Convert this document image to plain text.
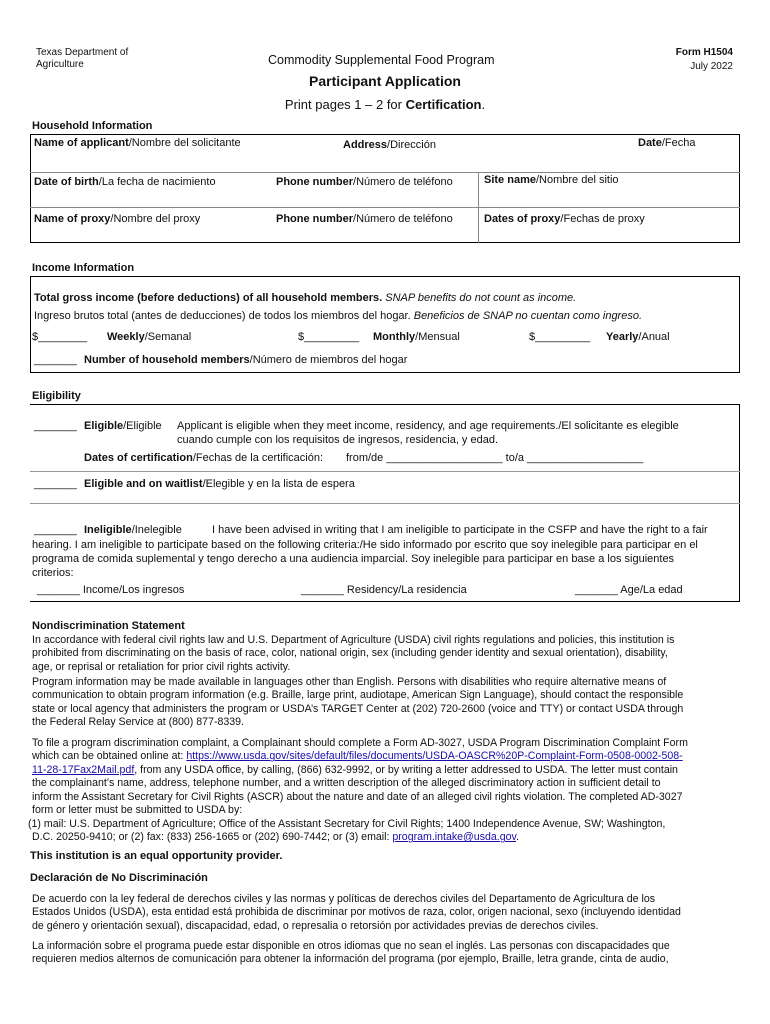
Texas Department of
Agriculture	Commodity Supplemental Food Program
Form H1504
July 2022
Participant Application
Print pages 1 – 2 for Certification.
Household Information
Name of applicant/Nombre del solicitante	Address/Dirección	Date/Fecha
Date of birth/La fecha de nacimiento	Phone number/Número de teléfono	Site name/Nombre del sitio
Name of proxy/Nombre del proxy	Phone number/Número de teléfono	Dates of proxy/Fechas de proxy
Income Information
Total gross income (before deductions) of all household members. SNAP benefits do not count as income.
Ingreso brutos total (antes de deducciones) de todos los miembros del hogar. Beneficios de SNAP no cuentan como ingreso.
$________ Weekly/Semanal	$_________ Monthly/Mensual	$_________ Yearly/Anual
_______ Number of household members/Número de miembros del hogar
Eligibility
_______ Eligible/Eligible Applicant is eligible when they meet income, residency, and age requirements./El solicitante es elegible
cuando cumple con los requisitos de ingresos, residencia, y edad.
Dates of certification/Fechas de la certificación: from/de ___________________ to/a ___________________
_______ Eligible and on waitlist/Elegible y en la lista de espera
_______ Ineligible/Inelegible	I have been advised in writing that I am ineligible to participate in the CSFP and have the right to a fair
hearing. I am ineligible to participate based on the following criteria:/He sido informado por escrito que soy inelegible para participar en el
programa de comida suplemental y tengo derecho a una audiencia imparcial. Soy inelegible para participar en base a los siguientes
criterios:
_______ Income/Los ingresos	_______ Residency/La residencia	_______ Age/La edad
Nondiscrimination Statement
In accordance with federal civil rights law and U.S. Department of Agriculture (USDA) civil rights regulations and policies, this institution is
prohibited from discriminating on the basis of race, color, national origin, sex (including gender identity and sexual orientation), disability,
age, or reprisal or retaliation for prior civil rights activity.
Program information may be made available in languages other than English. Persons with disabilities who require alternative means of
communication to obtain program information (e.g. Braille, large print, audiotape, American Sign Language), should contact the responsible
state or local agency that administers the program or USDA’s TARGET Center at (202) 720-2600 (voice and TTY) or contact USDA through
the Federal Relay Service at (800) 877-8339.
To file a program discrimination complaint, a Complainant should complete a Form AD-3027, USDA Program Discrimination Complaint Form
which can be obtained online at: https://www.usda.gov/sites/default/files/documents/USDA-OASCR%20P-Complaint-Form-0508-0002-508-
11-28-17Fax2Mail.pdf, from any USDA office, by calling, (866) 632-9992, or by writing a letter addressed to USDA. The letter must contain
the complainant’s name, address, telephone number, and a written description of the alleged discriminatory action in sufficient detail to
inform the Assistant Secretary for Civil Rights (ASCR) about the nature and date of an alleged civil rights violation. The completed AD-3027
form or letter must be submitted to USDA by:
(1) mail: U.S. Department of Agriculture; Office of the Assistant Secretary for Civil Rights; 1400 Independence Avenue, SW; Washington,
D.C. 20250-9410; or (2) fax: (833) 256-1665 or (202) 690-7442; or (3) email: program.intake@usda.gov.
This institution is an equal opportunity provider.
Declaración de No Discriminación
De acuerdo con la ley federal de derechos civiles y las normas y políticas de derechos civiles del Departamento de Agricultura de los
Estados Unidos (USDA), esta entidad está prohibida de discriminar por motivos de raza, color, origen nacional, sexo (incluyendo identidad
de género y orientación sexual), discapacidad, edad, o represalia o retorsión por actividades previas de derechos civiles.
La información sobre el programa puede estar disponible en otros idiomas que no sean el inglés. Las personas con discapacidades que
requieren medios alternos de comunicación para obtener la información del programa (por ejemplo, Braille, letra grande, cinta de audio,
